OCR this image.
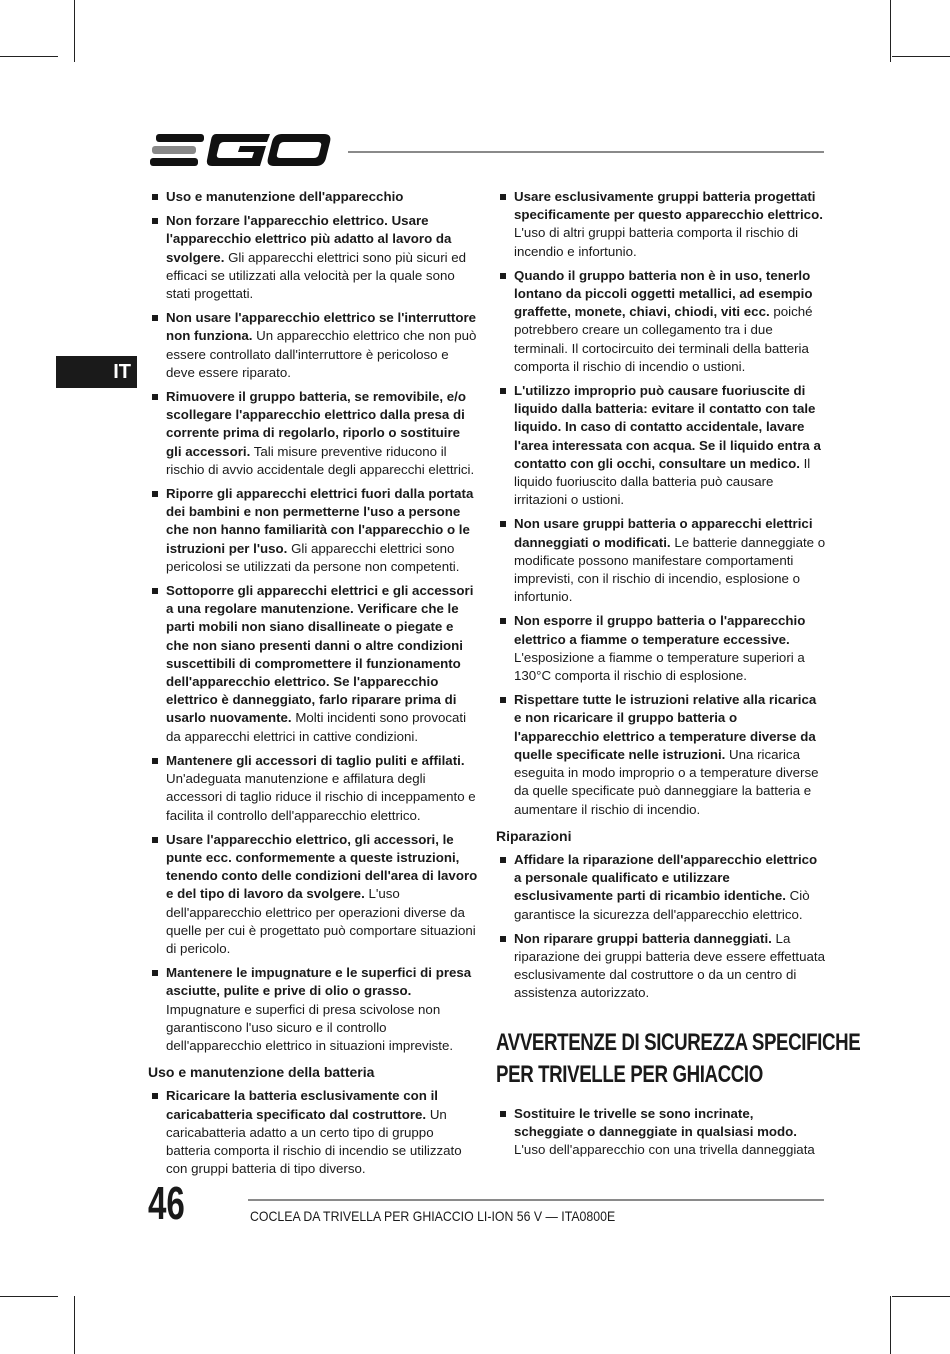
IT
Uso e manutenzione dell'apparecchio
Non forzare l'apparecchio elettrico. Usare l'apparecchio elettrico più adatto al lavoro da svolgere. Gli apparecchi elettrici sono più sicuri ed efficaci se utilizzati alla velocità per la quale sono stati progettati.
Non usare l'apparecchio elettrico se l'interruttore non funziona. Un apparecchio elettrico che non può essere controllato dall'interruttore è pericoloso e deve essere riparato.
Rimuovere il gruppo batteria, se removibile, e/o scollegare l'apparecchio elettrico dalla presa di corrente prima di regolarlo, riporlo o sostituire gli accessori. Tali misure preventive riducono il rischio di avvio accidentale degli apparecchi elettrici.
Riporre gli apparecchi elettrici fuori dalla portata dei bambini e non permetterne l'uso a persone che non hanno familiarità con l'apparecchio o le istruzioni per l'uso. Gli apparecchi elettrici sono pericolosi se utilizzati da persone non competenti.
Sottoporre gli apparecchi elettrici e gli accessori a una regolare manutenzione. Verificare che le parti mobili non siano disallineate o piegate e che non siano presenti danni o altre condizioni suscettibili di compromettere il funzionamento dell'apparecchio elettrico. Se l'apparecchio elettrico è danneggiato, farlo riparare prima di usarlo nuovamente. Molti incidenti sono provocati da apparecchi elettrici in cattive condizioni.
Mantenere gli accessori di taglio puliti e affilati. Un'adeguata manutenzione e affilatura degli accessori di taglio riduce il rischio di inceppamento e facilita il controllo dell'apparecchio elettrico.
Usare l'apparecchio elettrico, gli accessori, le punte ecc. conformemente a queste istruzioni, tenendo conto delle condizioni dell'area di lavoro e del tipo di lavoro da svolgere. L'uso dell'apparecchio elettrico per operazioni diverse da quelle per cui è progettato può comportare situazioni di pericolo.
Mantenere le impugnature e le superfici di presa asciutte, pulite e prive di olio o grasso. Impugnature e superfici di presa scivolose non garantiscono l'uso sicuro e il controllo dell'apparecchio elettrico in situazioni impreviste.
Uso e manutenzione della batteria
Ricaricare la batteria esclusivamente con il caricabatteria specificato dal costruttore. Un caricabatteria adatto a un certo tipo di gruppo batteria comporta il rischio di incendio se utilizzato con gruppi batteria di tipo diverso.
Usare esclusivamente gruppi batteria progettati specificamente per questo apparecchio elettrico. L'uso di altri gruppi batteria comporta il rischio di incendio e infortunio.
Quando il gruppo batteria non è in uso, tenerlo lontano da piccoli oggetti metallici, ad esempio graffette, monete, chiavi, chiodi, viti ecc. poiché potrebbero creare un collegamento tra i due terminali. Il cortocircuito dei terminali della batteria comporta il rischio di incendio o ustioni.
L'utilizzo improprio può causare fuoriuscite di liquido dalla batteria: evitare il contatto con tale liquido. In caso di contatto accidentale, lavare l'area interessata con acqua. Se il liquido entra a contatto con gli occhi, consultare un medico. Il liquido fuoriuscito dalla batteria può causare irritazioni o ustioni.
Non usare gruppi batteria o apparecchi elettrici danneggiati o modificati. Le batterie danneggiate o modificate possono manifestare comportamenti imprevisti, con il rischio di incendio, esplosione o infortunio.
Non esporre il gruppo batteria o l'apparecchio elettrico a fiamme o temperature eccessive. L'esposizione a fiamme o temperature superiori a 130°C comporta il rischio di esplosione.
Rispettare tutte le istruzioni relative alla ricarica e non ricaricare il gruppo batteria o l'apparecchio elettrico a temperature diverse da quelle specificate nelle istruzioni. Una ricarica eseguita in modo improprio o a temperature diverse da quelle specificate può danneggiare la batteria e aumentare il rischio di incendio.
Riparazioni
Affidare la riparazione dell'apparecchio elettrico a personale qualificato e utilizzare esclusivamente parti di ricambio identiche. Ciò garantisce la sicurezza dell'apparecchio elettrico.
Non riparare gruppi batteria danneggiati. La riparazione dei gruppi batteria deve essere effettuata esclusivamente dal costruttore o da un centro di assistenza autorizzato.
AVVERTENZE DI SICUREZZA SPECIFICHE
PER TRIVELLE PER GHIACCIO
Sostituire le trivelle se sono incrinate, scheggiate o danneggiate in qualsiasi modo. L'uso dell'apparecchio con una trivella danneggiata
46	COCLEA DA TRIVELLA PER GHIACCIO LI-ION 56 V — ITA0800E
